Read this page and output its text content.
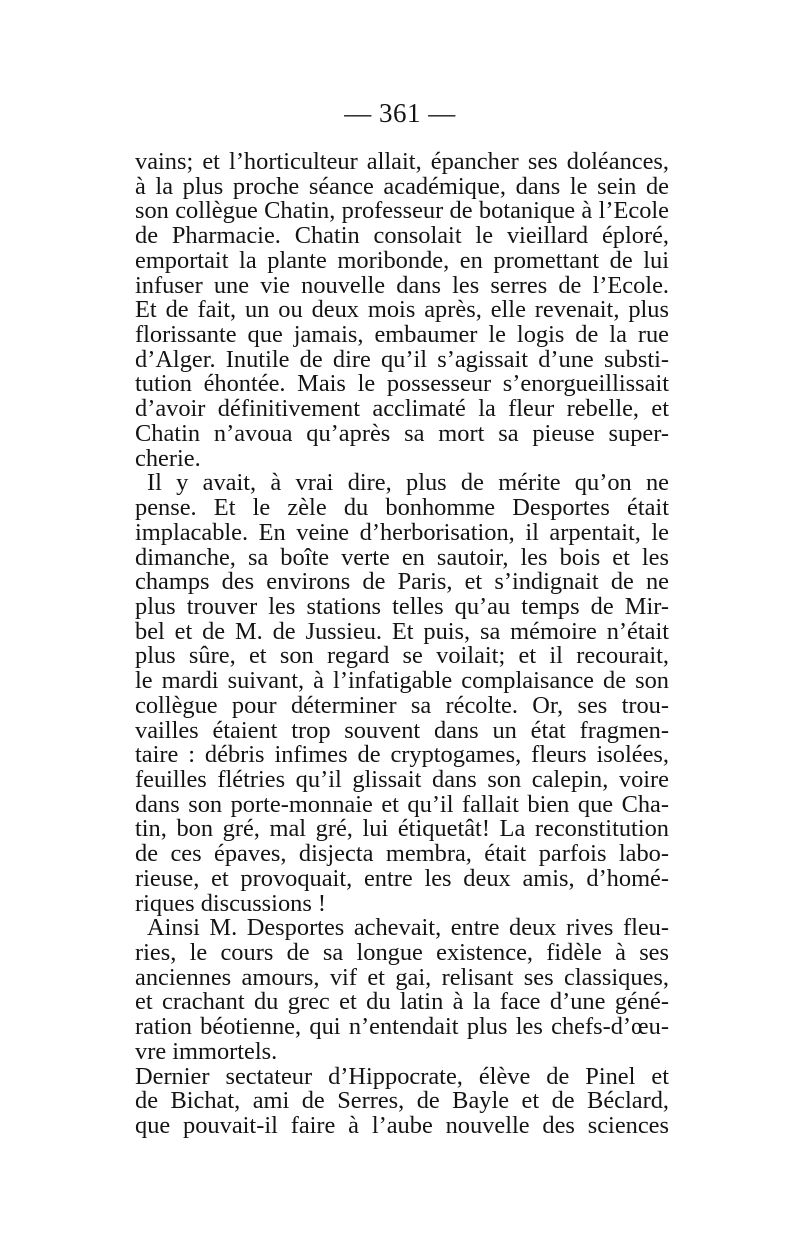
— 361 —
vains; et l’horticulteur allait, épancher ses doléances,
à la plus proche séance académique, dans le sein de
son collègue Chatin, professeur de botanique à l’Ecole
de Pharmacie. Chatin consolait le vieillard éploré,
emportait la plante moribonde, en promettant de lui
infuser une vie nouvelle dans les serres de l’Ecole.
Et de fait, un ou deux mois après, elle revenait, plus
florissante que jamais, embaumer le logis de la rue
d’Alger. Inutile de dire qu’il s’agissait d’une substi-
tution éhontée. Mais le possesseur s’enorgueillissait
d’avoir définitivement acclimaté la fleur rebelle, et
Chatin n’avoua qu’après sa mort sa pieuse super-
cherie.
Il y avait, à vrai dire, plus de mérite qu’on ne
pense. Et le zèle du bonhomme Desportes était
implacable. En veine d’herborisation, il arpentait, le
dimanche, sa boîte verte en sautoir, les bois et les
champs des environs de Paris, et s’indignait de ne
plus trouver les stations telles qu’au temps de Mir-
bel et de M. de Jussieu. Et puis, sa mémoire n’était
plus sûre, et son regard se voilait; et il recourait,
le mardi suivant, à l’infatigable complaisance de son
collègue pour déterminer sa récolte. Or, ses trou-
vailles étaient trop souvent dans un état fragmen-
taire : débris infimes de cryptogames, fleurs isolées,
feuilles flétries qu’il glissait dans son calepin, voire
dans son porte-monnaie et qu’il fallait bien que Cha-
tin, bon gré, mal gré, lui étiquetât! La reconstitution
de ces épaves, disjecta membra, était parfois labo-
rieuse, et provoquait, entre les deux amis, d’homé-
riques discussions !
Ainsi M. Desportes achevait, entre deux rives fleu-
ries, le cours de sa longue existence, fidèle à ses
anciennes amours, vif et gai, relisant ses classiques,
et crachant du grec et du latin à la face d’une géné-
ration béotienne, qui n’entendait plus les chefs-d’œu-
vre immortels.
Dernier sectateur d’Hippocrate, élève de Pinel et
de Bichat, ami de Serres, de Bayle et de Béclard,
que pouvait-il faire à l’aube nouvelle des sciences
